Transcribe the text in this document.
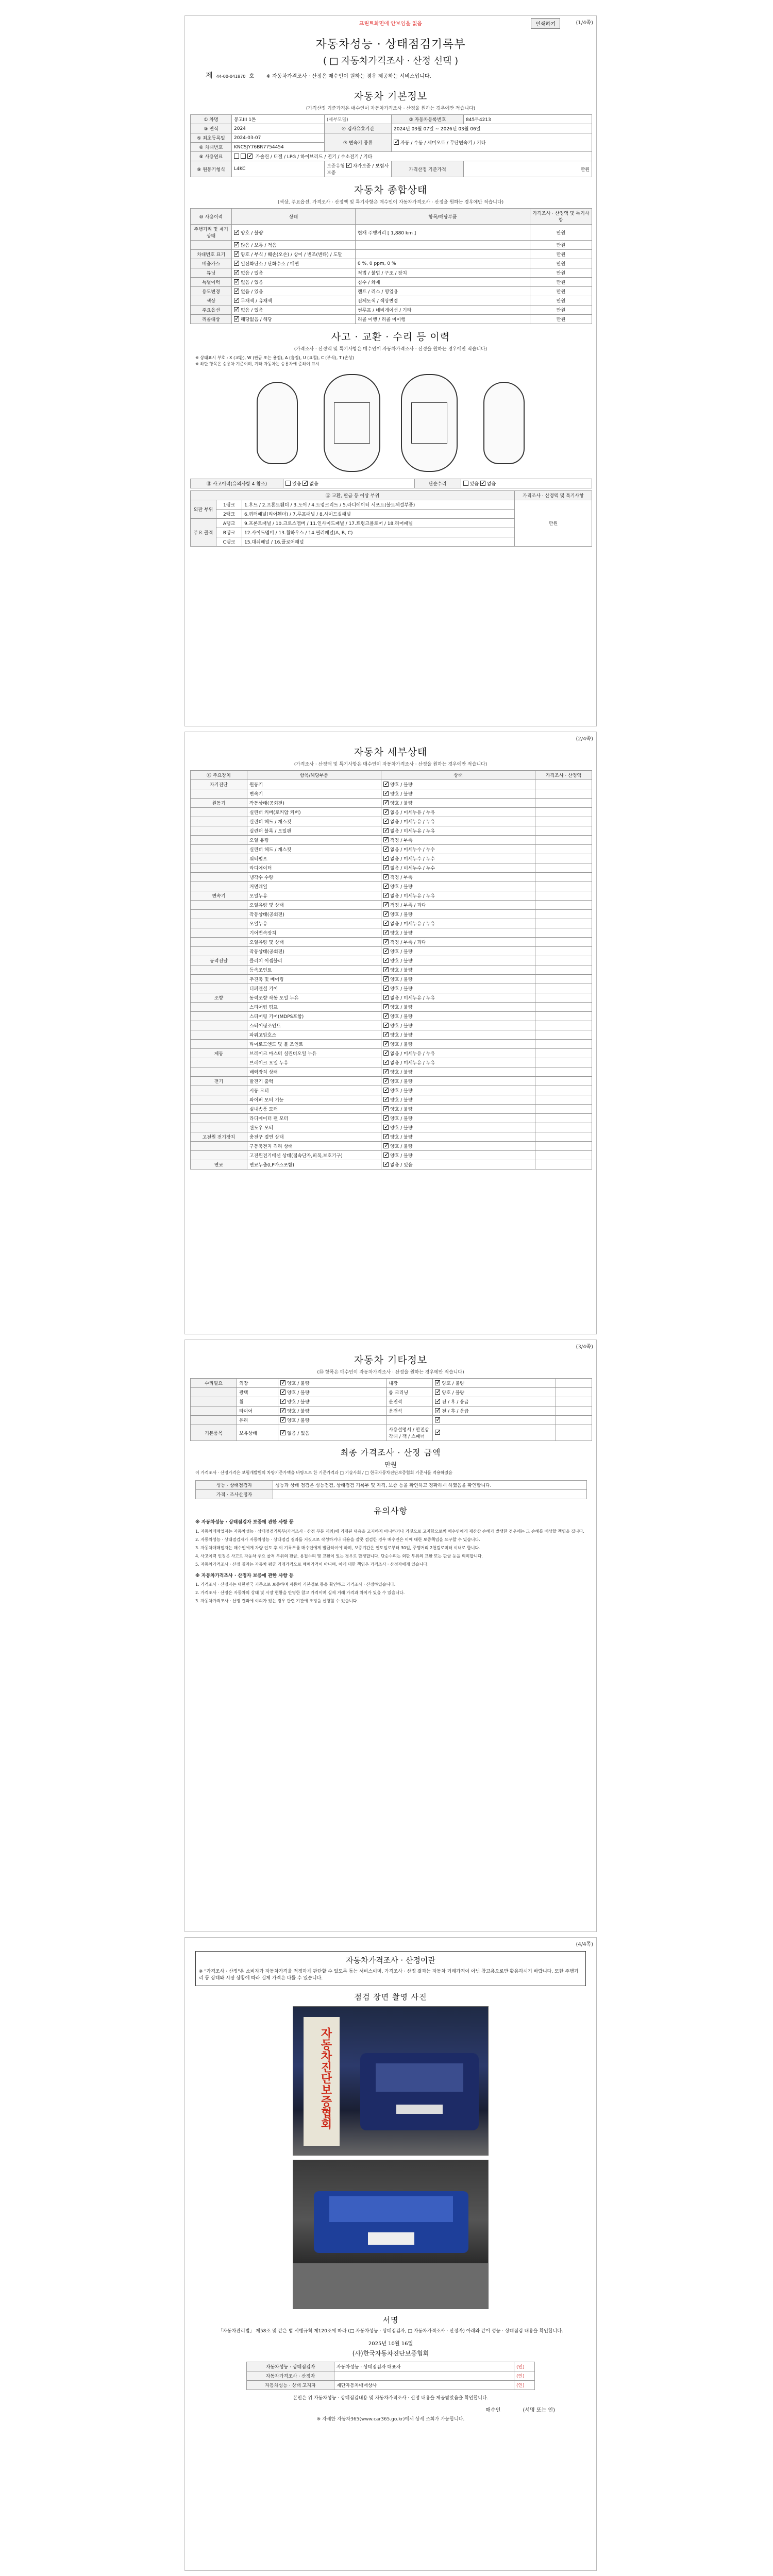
프린트화면에 안보임을 없음	인쇄하기	(1/4쪽)
자동차성능 · 상태점검기록부
( □ 자동차가격조사 · 산정 선택 )
제 44-00-041870 호 ※ 자동차가격조사 · 산정은 매수인이 원하는 경우 제공하는 서비스입니다.
자동차 기본정보
(가격산정 기준가격은 매수인이 자동차가격조사 · 산정을 원하는 경우에만 적습니다)
① 차명	봉고III 1톤	(세부모델)	② 자동차등록번호	845무4213
③ 연식	2024	④ 검사유효기간	2024년 03월 07일 ~ 2026년 03월 06일	
⑤ 최초등록일	2024-03-07	⑦ 변속기 종류	✓자동 / 수동 / 세미오토 / 무단변속기 / 기타
⑥ 차대번호	KNCSJY76BR7754454			
⑧ 사용연료	✓가솔린 / 디젤 / LPG / 하이브리드 / 전기 / 수소전기 / 기타
⑨ 원동기형식	L4KC	보증유형 ✓ 자가보증 / 보험사보증	가격산정 기준가격	만원
자동차 종합상태
(색상, 주요옵션, 가격조사 · 산정액 및 특기사항은 매수인이 자동차가격조사 · 산정을 원하는 경우에만 적습니다)
⑩ 사용이력	상태	항목/해당부품	가격조사 · 산정액 및 특기사항
주행거리 및 계기상태	✓양호 / 불량	현재 주행거리 [ 1,880 km ]	만원
	✓많음 / 보통 / 적음		만원
차대번호 표기	✓양호 / 부식 / 훼손(오손) / 상이 / 변조(변타) / 도말		만원
배출가스	✓일산화탄소 / 탄화수소 / 매연	0 %, 0 ppm, 0 %	만원
튜닝	✓없음 / 있음	적법 / 불법 / 구조 / 장치	만원
특별이력	✓없음 / 있음	침수 / 화재	만원
용도변경	✓없음 / 있음	렌트 / 리스 / 영업용	만원
색상	✓무채색 / 유채색	전체도색 / 색상변경	만원
주요옵션	✓없음 / 있음	썬루프 / 네비게이션 / 기타	만원
리콜대상	✓해당없음 / 해당	리콜 이행 / 리콜 미이행	만원
사고 · 교환 · 수리 등 이력
(가격조사 · 산정액 및 특기사항은 매수인이 자동차가격조사 · 산정을 원하는 경우에만 적습니다)
※ 상태표시 부호 : X (교환), W (판금 또는 용접), A (흠집), U (요철), C (부식), T (손상)
※ 하단 항목은 승용차 기준이며, 기타 자동차는 승용차에 준하여 표시
⑪ 사고이력(유의사항 4 참조)	있음 ✓ 없음	단순수리	있음 ✓ 없음
⑫ 교환, 판금 등 이상 부위			가격조사 · 산정액 및 특기사항
외판 부위	1랭크	1.후드 / 2.프론트휀더 / 3.도어 / 4.트렁크리드 / 5.라디에이터 서포트(볼트체결부품)	만원
	2랭크	6.쿼터패널(리어휀더) / 7.루프패널 / 8.사이드실패널	
주요 골격	A랭크	9.프론트패널 / 10.크로스멤버 / 11.인사이드패널 / 17.트렁크플로어 / 18.리어패널	
	B랭크	12.사이드멤버 / 13.휠하우스 / 14.필러패널(A, B, C)	
	C랭크	15.대쉬패널 / 16.플로어패널	
(2/4쪽)
자동차 세부상태
(가격조사 · 산정액 및 특기사항은 매수인이 자동차가격조사 · 산정을 원하는 경우에만 적습니다)
⑬ 주요장치	항목/해당부품	상태	가격조사 · 산정액
자기진단	원동기	✓양호 / 불량	
	변속기	✓양호 / 불량	
원동기	작동상태(공회전)	✓양호 / 불량	
	실린더 커버(로커암 커버)	✓없음 / 미세누유 / 누유	
	실린더 헤드 / 개스킷	✓없음 / 미세누유 / 누유	
	실린더 블록 / 오일팬	✓없음 / 미세누유 / 누유	
	오일 유량	✓적정 / 부족	
	실린더 헤드 / 개스킷	✓없음 / 미세누수 / 누수	
	워터펌프	✓없음 / 미세누수 / 누수	
	라디에이터	✓없음 / 미세누수 / 누수	
	냉각수 수량	✓적정 / 부족	
	커먼레일	✓양호 / 불량	
변속기	오일누유	✓없음 / 미세누유 / 누유	
	오일유량 및 상태	✓적정 / 부족 / 과다	
	작동상태(공회전)	✓양호 / 불량	
	오일누유	✓없음 / 미세누유 / 누유	
	기어변속장치	✓양호 / 불량	
	오일유량 및 상태	✓적정 / 부족 / 과다	
	작동상태(공회전)	✓양호 / 불량	
동력전달	클러치 어셈블리	✓양호 / 불량	
	등속조인트	✓양호 / 불량	
	추진축 및 베어링	✓양호 / 불량	
	디퍼렌셜 기어	✓양호 / 불량	
조향	동력조향 작동 오일 누유	✓없음 / 미세누유 / 누유	
	스티어링 펌프	✓양호 / 불량	
	스티어링 기어(MDPS포함)	✓양호 / 불량	
	스티어링조인트	✓양호 / 불량	
	파워고압호스	✓양호 / 불량	
	타이로드엔드 및 볼 조인트	✓양호 / 불량	
제동	브레이크 마스터 실린더오일 누유	✓없음 / 미세누유 / 누유	
	브레이크 오일 누유	✓없음 / 미세누유 / 누유	
	배력장치 상태	✓양호 / 불량	
전기	발전기 출력	✓양호 / 불량	
	시동 모터	✓양호 / 불량	
	와이퍼 모터 기능	✓양호 / 불량	
	실내송풍 모터	✓양호 / 불량	
	라디에이터 팬 모터	✓양호 / 불량	
	윈도우 모터	✓양호 / 불량	
고전원 전기장치	충전구 절연 상태	✓양호 / 불량	
	구동축전지 격리 상태	✓양호 / 불량	
	고전원전기배선 상태(접속단자,피복,보호기구)	✓양호 / 불량	
연료	연료누출(LP가스포함)	✓없음 / 있음	
(3/4쪽)
자동차 기타정보
(⑭ 항목은 매수인이 자동차가격조사 · 산정을 원하는 경우에만 적습니다)
수리필요	외장	✓양호 / 불량	내장	✓양호 / 불량	
	광택	✓양호 / 불량	룸 크리닝	✓양호 / 불량	
	휠	✓양호 / 불량	운전석	✓전 / 후 / 응급	
	타이어	✓양호 / 불량	운전석	✓전 / 후 / 응급	
	유리	✓양호 / 불량		✓	
기본품목	보유상태	✓없음 / 있음	사용설명서 / 안전삼각대 / 잭 / 스패너	✓	
최종 가격조사 · 산정 금액
만원
이 가격조사 · 산정가격은 보험개발원의 차량기준가액을 바탕으로 한 기준가격과 □ 기술사회 / □ 한국자동차진단보증협회 기준서를 적용하였음
성능 · 상태점검자	성능과 상태 점검은 성능점검, 상태점검 기록부 및 자격, 보증 등을 확인하고 정확하게 하였음을 확인합니다.
가격 · 조사산정자	
유의사항
※ 자동차성능 · 상태점검자 보증에 관한 사항 등
1. 자동차매매업자는 자동차성능 · 상태점검기록부(가격조사 · 산정 부분 제외)에 기재된 내용을 고지하지 아니하거나 거짓으로 고지함으로써 매수인에게 재산상 손해가 발생한 경우에는 그 손해를 배상할 책임을 집니다.
2. 자동차성능 · 상태점검자가 자동차성능 · 상태점검 결과를 거짓으로 작성하거나 내용을 잘못 점검한 경우 매수인은 이에 대한 보증책임을 요구할 수 있습니다.
3. 자동차매매업자는 매수인에게 차량 인도 후 이 기록부를 매수인에게 발급하여야 하며, 보증기간은 인도일로부터 30일, 주행거리 2천킬로미터 이내로 합니다.
4. 사고이력 인정은 사고로 자동차 주요 골격 부위의 판금, 용접수리 및 교환이 있는 경우로 한정합니다. 단순수리는 외판 부위의 교환 또는 판금 등을 의미합니다.
5. 자동차가격조사 · 산정 결과는 자동차 평균 거래가격으로 매매가격이 아니며, 이에 대한 책임은 가격조사 · 산정자에게 있습니다.
※ 자동차가격조사 · 산정자 보증에 관한 사항 등
1. 가격조사 · 산정자는 대한민국 기준으로 보증하며 자동차 기본정보 등을 확인하고 가격조사 · 산정하였습니다.
2. 가격조사 · 산정은 자동차의 상태 및 시장 현황을 반영한 참고 가격이며 실제 거래 가격과 차이가 있을 수 있습니다.
3. 자동차가격조사 · 산정 결과에 이의가 있는 경우 관련 기관에 조정을 신청할 수 있습니다.
(4/4쪽)
자동차가격조사 · 산정이란
※ "가격조사 · 산정"은 소비자가 자동차가격을 적정하게 판단할 수 있도록 돕는 서비스이며, 가격조사 · 산정 결과는 자동차 거래가격이 아닌 참고용으로만 활용하시기 바랍니다. 또한 주행거리 등 상태와 시장 상황에 따라 실제 가격은 다를 수 있습니다.
점검 장면 촬영 사진
자동차진단보증협회
서명
「자동차관리법」 제58조 및 같은 법 시행규칙 제120조에 따라 (□ 자동차성능 · 상태점검자, □ 자동차가격조사 · 산정자) 아래와 같이 성능 · 상태점검 내용을 확인합니다.
2025년 10월 16일
(사)한국자동차진단보증협회
자동차성능 · 상태점검자	자동차성능 · 상태점검자 대표자	(인)
자동차가격조사 · 산정자		(인)
자동차성능 · 상태 고지자	재단자동차매매상사	(인)
본인은 위 자동차성능 · 상태점검내용 및 자동차가격조사 · 산정 내용을 제공받았음을 확인합니다.
매수인	(서명 또는 인)
※ 자세한 자동차365(www.car365.go.kr)에서 상세 조회가 가능합니다.
